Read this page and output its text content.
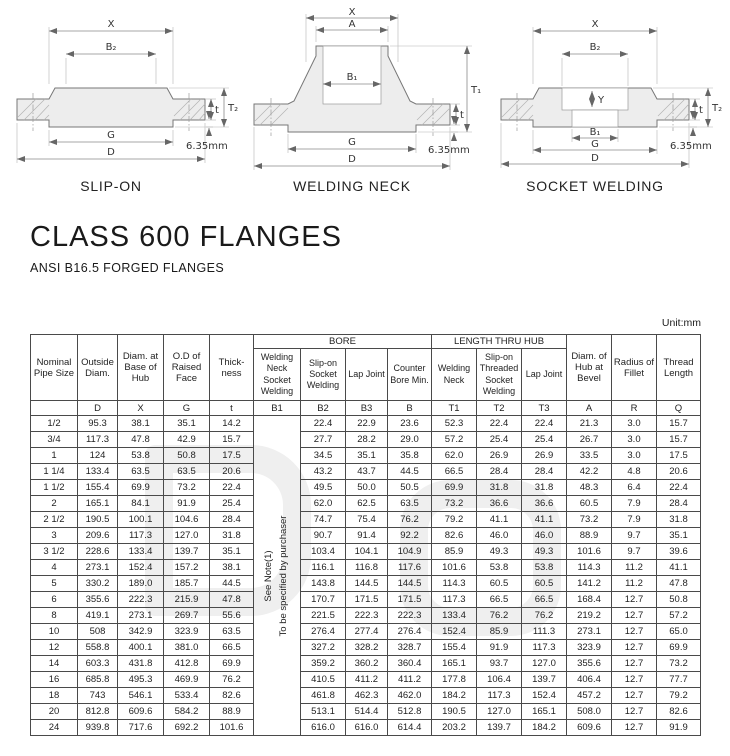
X
B₂
G
D
t T₂
6.35mm
SLIP-ON
X
A
B₁
G
D
t
T₁
6.35mm
WELDING NECK
X
B₂
Y
B₁
G
D
t T₂
6.35mm
SOCKET WELDING
CLASS 600 FLANGES
ANSI B16.5 FORGED FLANGES
Unit:mm
Nominal Pipe Size	Outside Diam.	Diam. at Base of Hub	O.D of Raised Face	Thick-ness	BORE				LENGTH THRU HUB			Diam. of Hub at Bevel	Radius of Fillet	Thread Length
					Welding Neck Socket Welding	Slip-on Socket Welding	Lap Joint	Counter Bore Min.	Welding Neck	Slip-on Threaded Socket Welding	Lap Joint			
	D	X	G	t	B1	B2	B3	B	T1	T2	T3	A	R	Q
1/2	95.3	38.1	35.1	14.2	See Note(1) To be specified by purchaser	22.4	22.9	23.6	52.3	22.4	22.4	21.3	3.0	15.7
3/4	117.3	47.8	42.9	15.7		27.7	28.2	29.0	57.2	25.4	25.4	26.7	3.0	15.7
1	124	53.8	50.8	17.5		34.5	35.1	35.8	62.0	26.9	26.9	33.5	3.0	17.5
1 1/4	133.4	63.5	63.5	20.6		43.2	43.7	44.5	66.5	28.4	28.4	42.2	4.8	20.6
1 1/2	155.4	69.9	73.2	22.4		49.5	50.0	50.5	69.9	31.8	31.8	48.3	6.4	22.4
2	165.1	84.1	91.9	25.4		62.0	62.5	63.5	73.2	36.6	36.6	60.5	7.9	28.4
2 1/2	190.5	100.1	104.6	28.4		74.7	75.4	76.2	79.2	41.1	41.1	73.2	7.9	31.8
3	209.6	117.3	127.0	31.8		90.7	91.4	92.2	82.6	46.0	46.0	88.9	9.7	35.1
3 1/2	228.6	133.4	139.7	35.1		103.4	104.1	104.9	85.9	49.3	49.3	101.6	9.7	39.6
4	273.1	152.4	157.2	38.1		116.1	116.8	117.6	101.6	53.8	53.8	114.3	11.2	41.1
5	330.2	189.0	185.7	44.5		143.8	144.5	144.5	114.3	60.5	60.5	141.2	11.2	47.8
6	355.6	222.3	215.9	47.8		170.7	171.5	171.5	117.3	66.5	66.5	168.4	12.7	50.8
8	419.1	273.1	269.7	55.6		221.5	222.3	222.3	133.4	76.2	76.2	219.2	12.7	57.2
10	508	342.9	323.9	63.5		276.4	277.4	276.4	152.4	85.9	111.3	273.1	12.7	65.0
12	558.8	400.1	381.0	66.5		327.2	328.2	328.7	155.4	91.9	117.3	323.9	12.7	69.9
14	603.3	431.8	412.8	69.9		359.2	360.2	360.4	165.1	93.7	127.0	355.6	12.7	73.2
16	685.8	495.3	469.9	76.2		410.5	411.2	411.2	177.8	106.4	139.7	406.4	12.7	77.7
18	743	546.1	533.4	82.6		461.8	462.3	462.0	184.2	117.3	152.4	457.2	12.7	79.2
20	812.8	609.6	584.2	88.9		513.1	514.4	512.8	190.5	127.0	165.1	508.0	12.7	82.6
24	939.8	717.6	692.2	101.6		616.0	616.0	614.4	203.2	139.7	184.2	609.6	12.7	91.9
